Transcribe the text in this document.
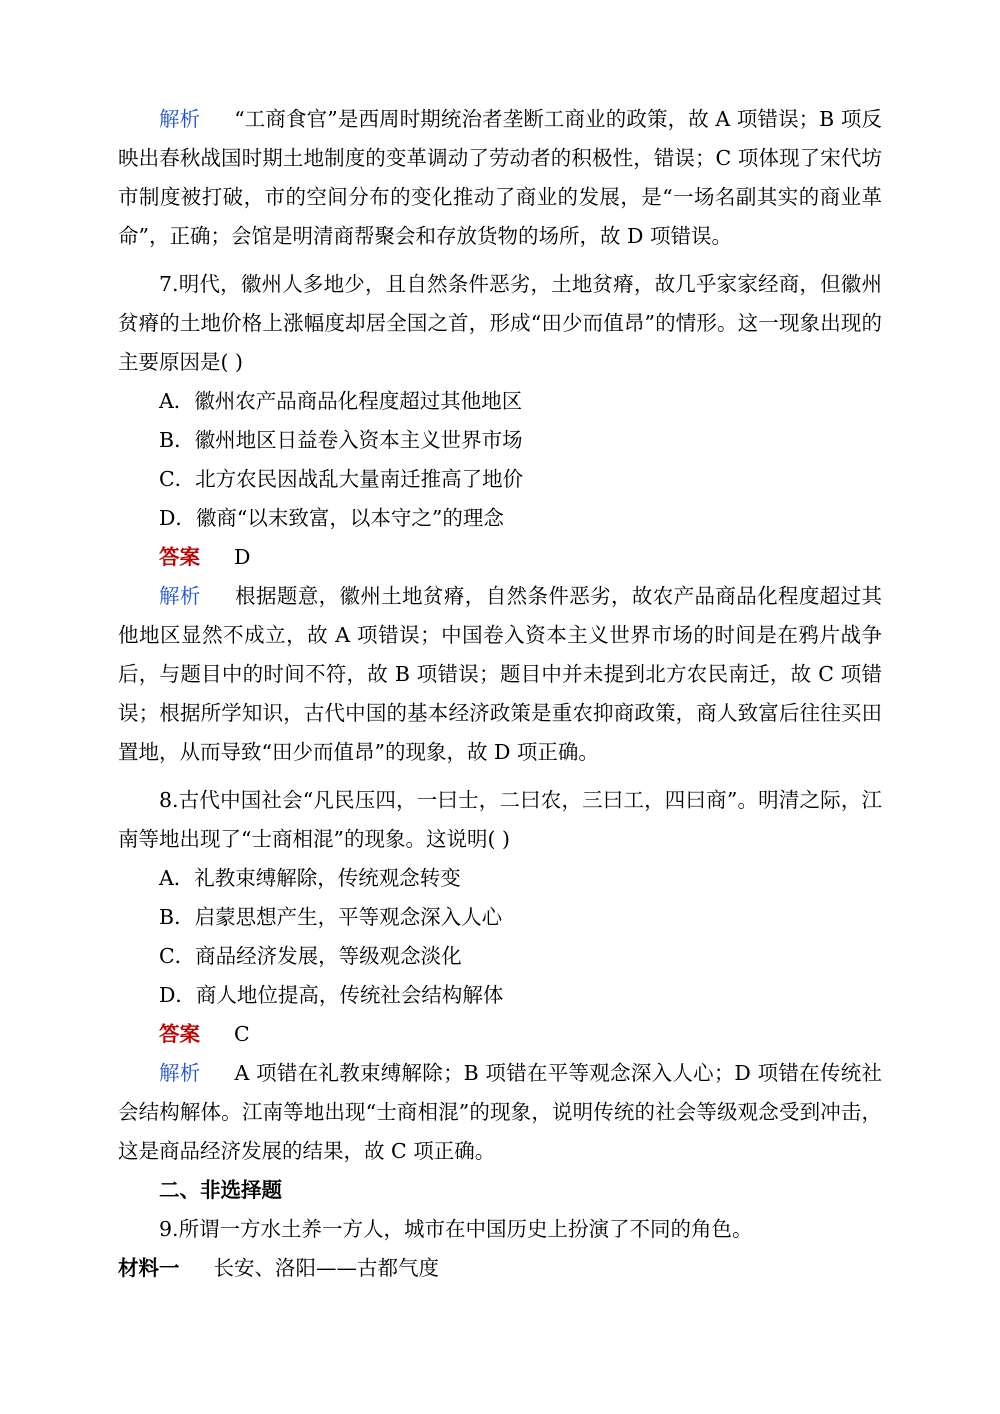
解析 “工商食官”是西周时期统治者垄断工商业的政策，故 A 项错误；B 项反映出春秋战国时期土地制度的变革调动了劳动者的积极性，错误；C 项体现了宋代坊市制度被打破，市的空间分布的变化推动了商业的发展，是“一场名副其实的商业革命”，正确；会馆是明清商帮聚会和存放货物的场所，故 D 项错误。

7.明代，徽州人多地少，且自然条件恶劣，土地贫瘠，故几乎家家经商，但徽州贫瘠的土地价格上涨幅度却居全国之首，形成“田少而值昂”的情形。这一现象出现的主要原因是( )

A．徽州农产品商品化程度超过其他地区

B．徽州地区日益卷入资本主义世界市场

C．北方农民因战乱大量南迁推高了地价

D．徽商“以末致富，以本守之”的理念

答案 D

解析 根据题意，徽州土地贫瘠，自然条件恶劣，故农产品商品化程度超过其他地区显然不成立，故 A 项错误；中国卷入资本主义世界市场的时间是在鸦片战争后，与题目中的时间不符，故 B 项错误；题目中并未提到北方农民南迁，故 C 项错误；根据所学知识，古代中国的基本经济政策是重农抑商政策，商人致富后往往买田置地，从而导致“田少而值昂”的现象，故 D 项正确。

8.古代中国社会“凡民压四，一曰士，二曰农，三曰工，四曰商”。明清之际，江南等地出现了“士商相混”的现象。这说明( )

A．礼教束缚解除，传统观念转变

B．启蒙思想产生，平等观念深入人心

C．商品经济发展，等级观念淡化

D．商人地位提高，传统社会结构解体

答案 C

解析 A 项错在礼教束缚解除；B 项错在平等观念深入人心；D 项错在传统社会结构解体。江南等地出现“士商相混”的现象，说明传统的社会等级观念受到冲击，这是商品经济发展的结果，故 C 项正确。

二、非选择题

9.所谓一方水土养一方人，城市在中国历史上扮演了不同的角色。

材料一 长安、洛阳——古都气度
